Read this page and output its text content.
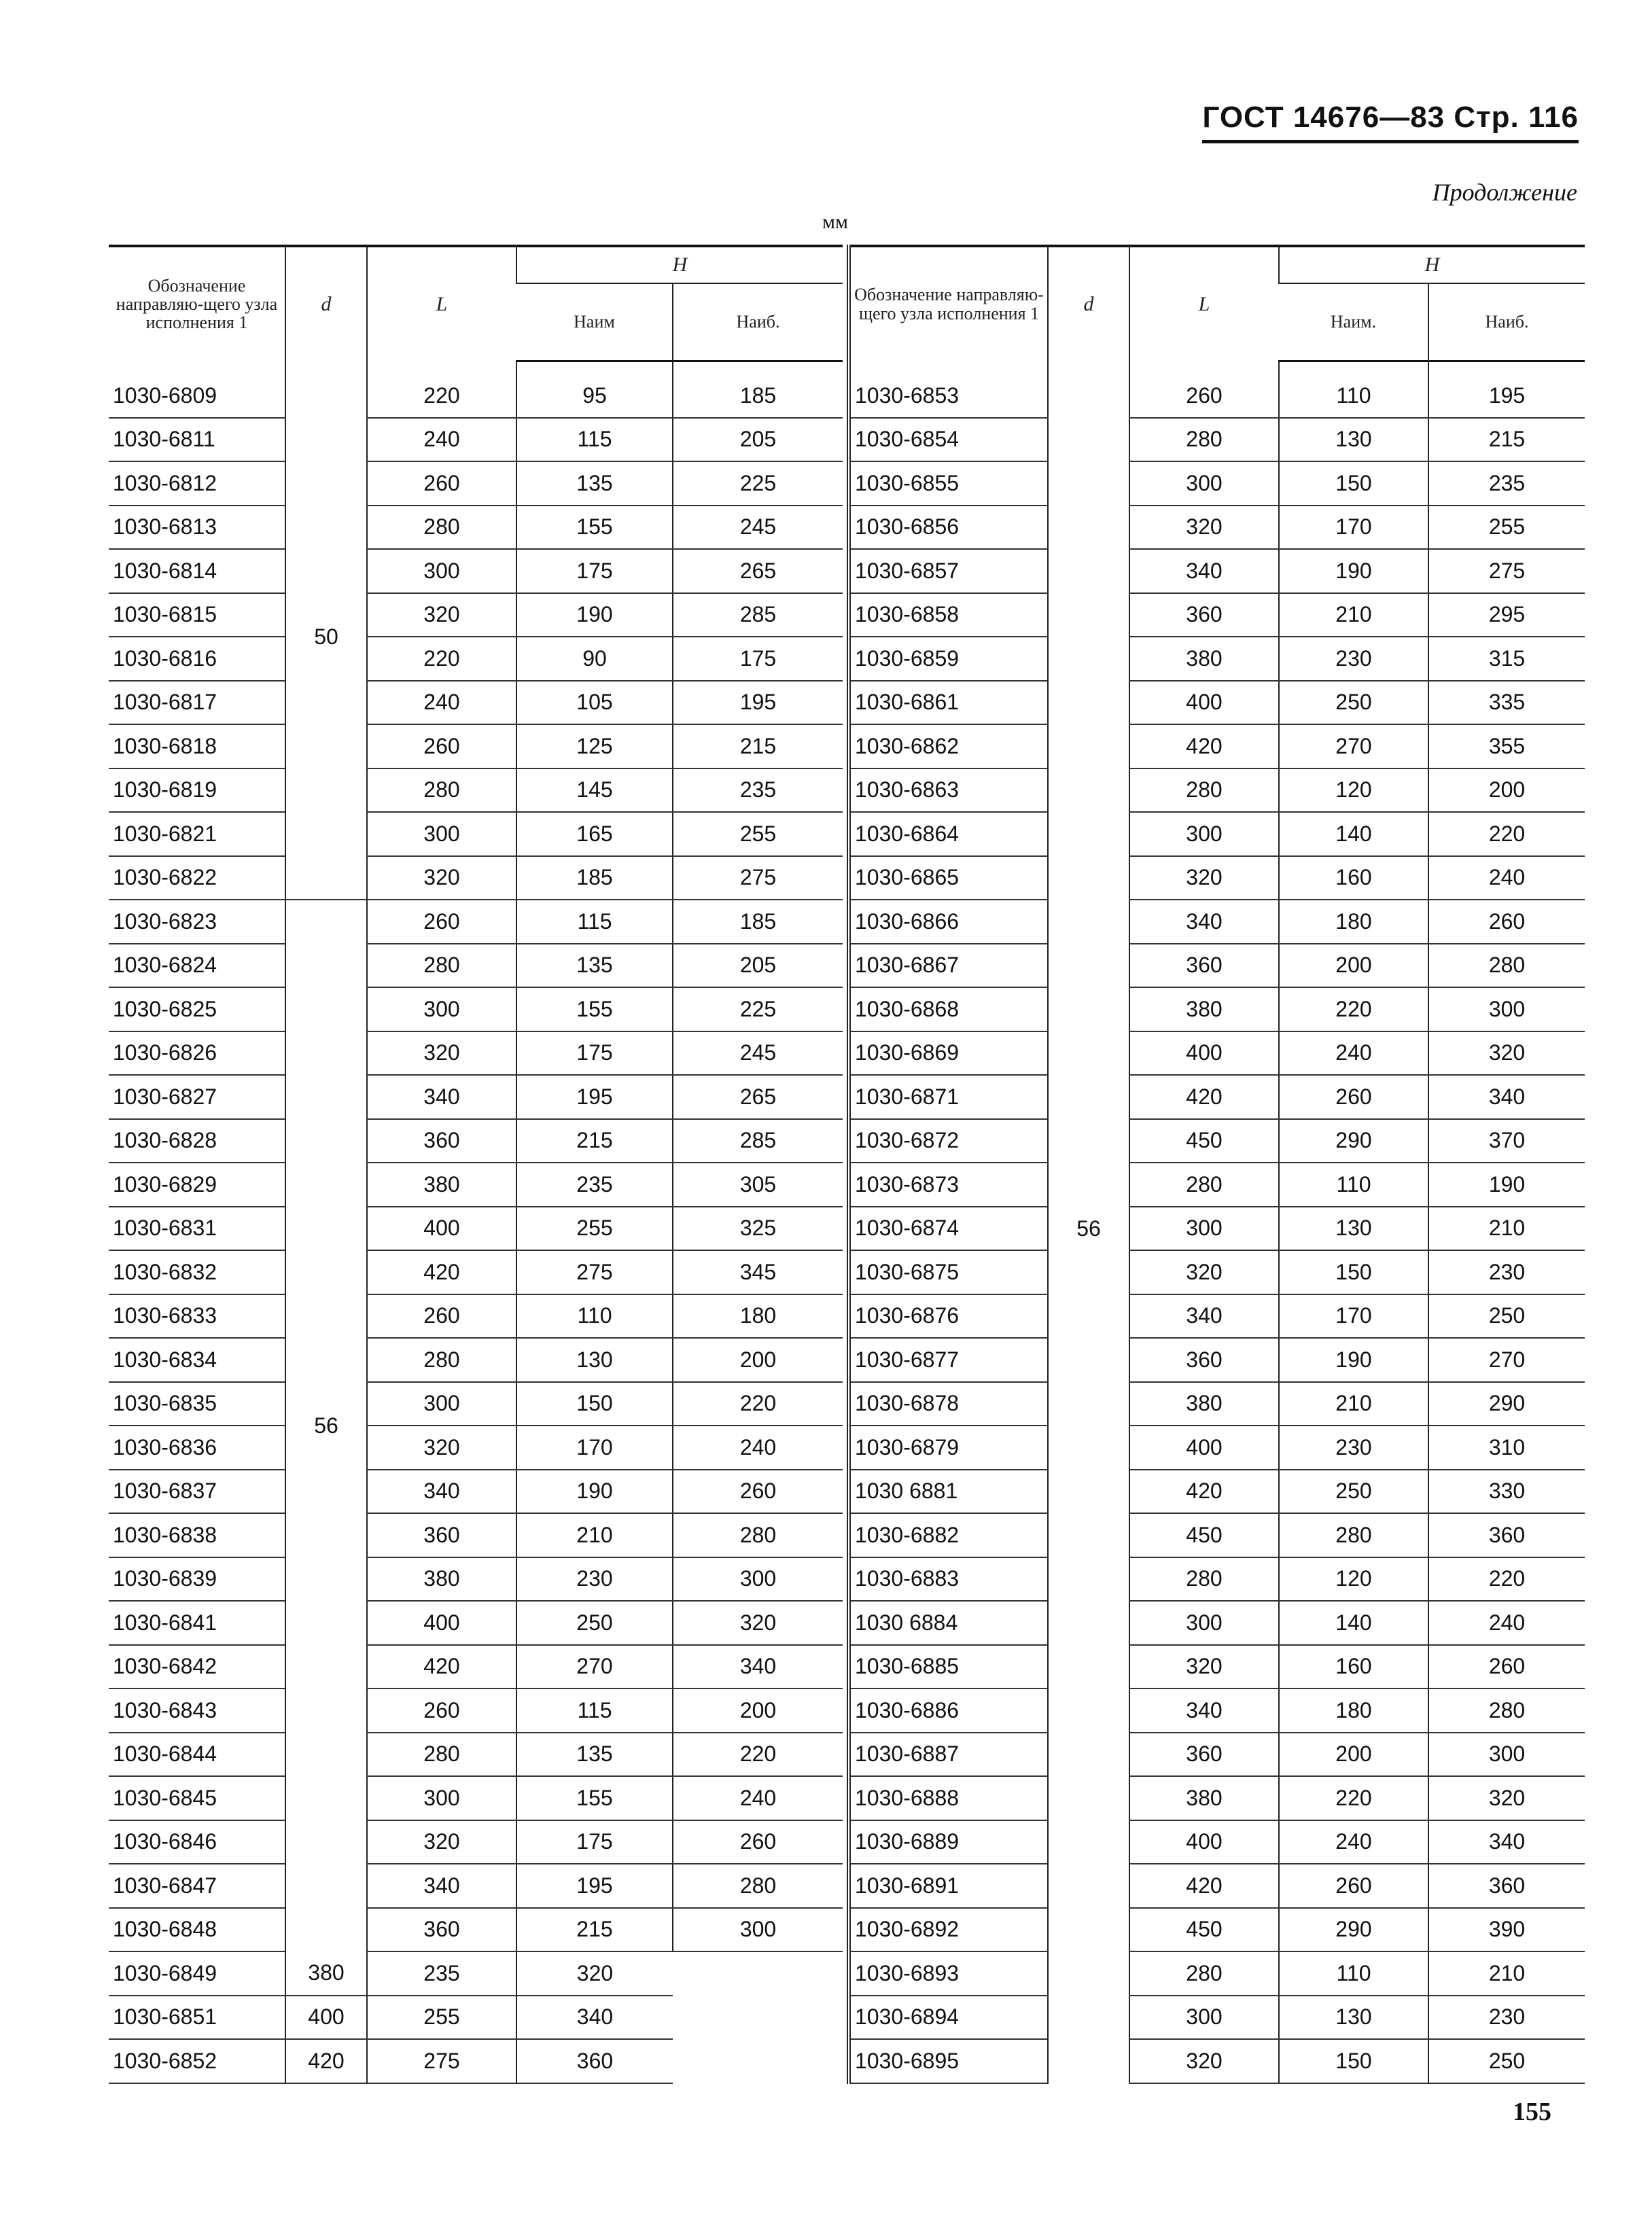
ГОСТ 14676—83 Стр. 116
Продолжение
мм
Обозначение направляю-щего узла исполнения 1	d	L	H	
			Наим	Наиб.

1030-6809	50	220	95	185
1030-6811		240	115	205
1030-6812		260	135	225
1030-6813		280	155	245
1030-6814		300	175	265
1030-6815		320	190	285
1030-6816		220	90	175
1030-6817		240	105	195
1030-6818		260	125	215
1030-6819		280	145	235
1030-6821		300	165	255
1030-6822		320	185	275
1030-6823	56	260	115	185
1030-6824		280	135	205
1030-6825		300	155	225
1030-6826		320	175	245
1030-6827		340	195	265
1030-6828		360	215	285
1030-6829		380	235	305
1030-6831		400	255	325
1030-6832		420	275	345
1030-6833		260	110	180
1030-6834		280	130	200
1030-6835		300	150	220
1030-6836		320	170	240
1030-6837		340	190	260
1030-6838		360	210	280
1030-6839		380	230	300
1030-6841		400	250	320
1030-6842		420	270	340
1030-6843		260	115	200
1030-6844		280	135	220
1030-6845		300	155	240
1030-6846		320	175	260
1030-6847		340	195	280
1030-6848		360	215	300
1030-6849	380	235	320	
1030-6851	400	255	340	
1030-6852	420	275	360	
Обозначение направляю-щего узла исполнения 1	d	L	H	
			Наим.	Наиб.

1030-6853	56	260	110	195
1030-6854		280	130	215
1030-6855		300	150	235
1030-6856		320	170	255
1030-6857		340	190	275
1030-6858		360	210	295
1030-6859		380	230	315
1030-6861		400	250	335
1030-6862		420	270	355
1030-6863		280	120	200
1030-6864		300	140	220
1030-6865		320	160	240
1030-6866		340	180	260
1030-6867		360	200	280
1030-6868		380	220	300
1030-6869		400	240	320
1030-6871		420	260	340
1030-6872		450	290	370
1030-6873		280	110	190
1030-6874		300	130	210
1030-6875		320	150	230
1030-6876		340	170	250
1030-6877		360	190	270
1030-6878		380	210	290
1030-6879		400	230	310
1030 6881		420	250	330
1030-6882		450	280	360
1030-6883		280	120	220
1030 6884		300	140	240
1030-6885		320	160	260
1030-6886		340	180	280
1030-6887		360	200	300
1030-6888		380	220	320
1030-6889		400	240	340
1030-6891		420	260	360
1030-6892		450	290	390
1030-6893		280	110	210
1030-6894		300	130	230
1030-6895		320	150	250
155
